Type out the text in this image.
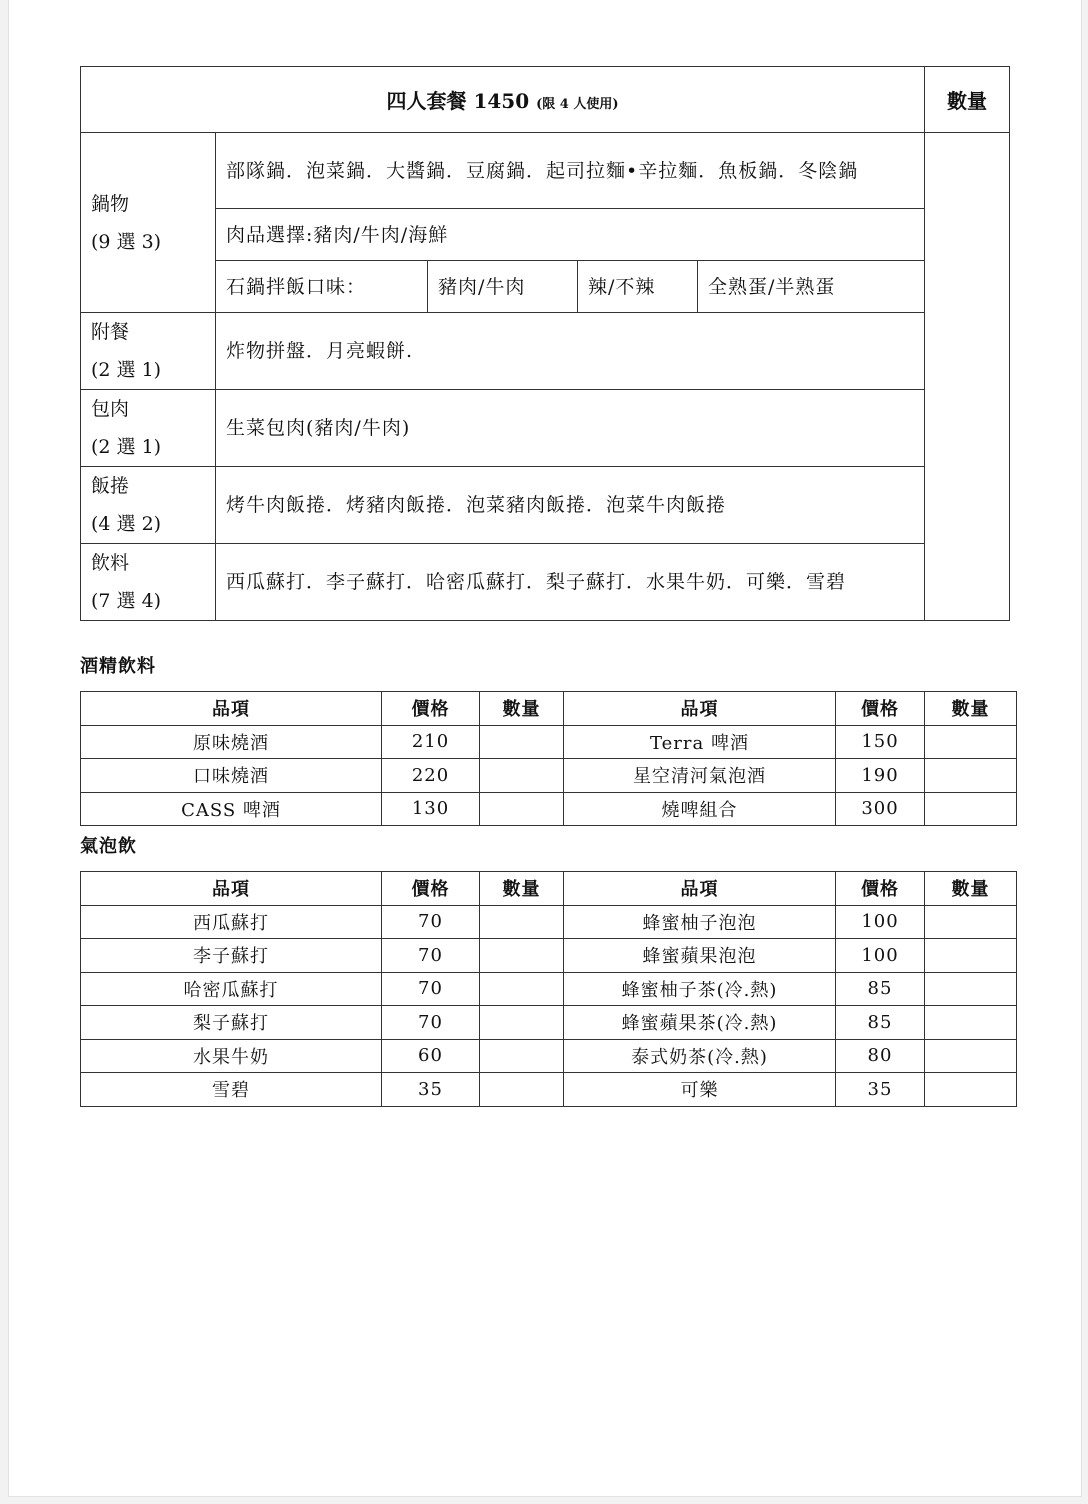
四人套餐 1450 (限 4 人使用)					數量

鍋物
(9 選 3)	部隊鍋．泡菜鍋．大醬鍋．豆腐鍋．起司拉麵•辛拉麵．魚板鍋．冬陰鍋				
	肉品選擇:豬肉/牛肉/海鮮				
	石鍋拌飯口味：	豬肉/牛肉	辣/不辣	全熟蛋/半熟蛋	

附餐
(2 選 1)	炸物拼盤．月亮蝦餅.				

包肉
(2 選 1)	生菜包肉(豬肉/牛肉)				

飯捲
(4 選 2)	烤牛肉飯捲．烤豬肉飯捲．泡菜豬肉飯捲．泡菜牛肉飯捲				

飲料
(7 選 4)	西瓜蘇打．李子蘇打．哈密瓜蘇打．梨子蘇打．水果牛奶．可樂．雪碧				
酒精飲料
品項	價格	數量	品項	價格	數量
原味燒酒	210		Terra 啤酒	150	
口味燒酒	220		星空清河氣泡酒	190	
CASS 啤酒	130		燒啤組合	300	
氣泡飲
品項	價格	數量	品項	價格	數量
西瓜蘇打	70		蜂蜜柚子泡泡	100	
李子蘇打	70		蜂蜜蘋果泡泡	100	
哈密瓜蘇打	70		蜂蜜柚子茶(冷.熱)	85	
梨子蘇打	70		蜂蜜蘋果茶(冷.熱)	85	
水果牛奶	60		泰式奶茶(冷.熱)	80	
雪碧	35		可樂	35	
